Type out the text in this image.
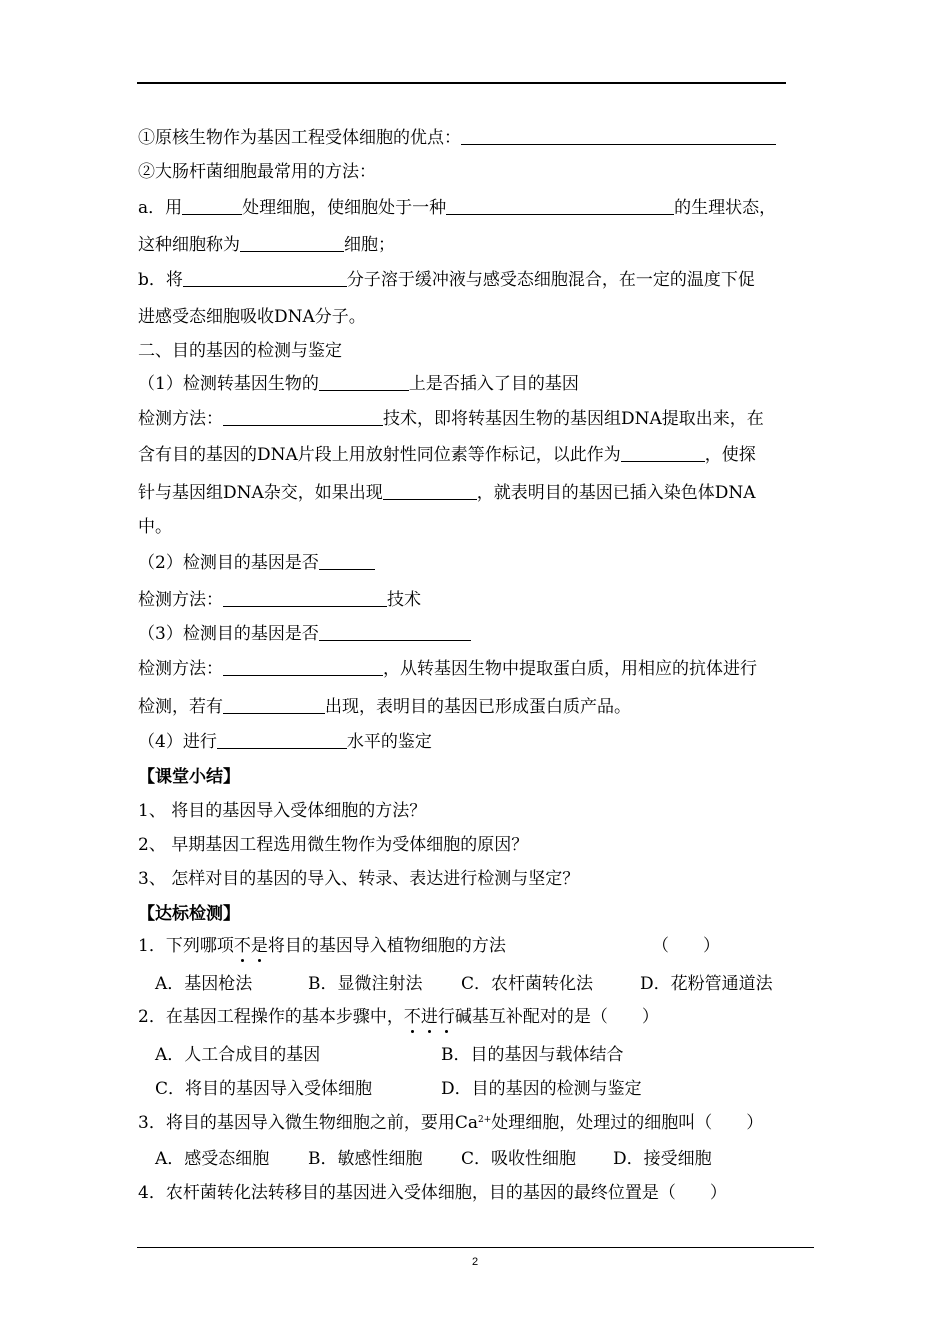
①原核生物作为基因工程受体细胞的优点：
②大肠杆菌细胞最常用的方法：
a．用	处理细胞，使细胞处于一种	的生理状态，
这种细胞称为	细胞；
b．将	分子溶于缓冲液与感受态细胞混合，在一定的温度下促
进感受态细胞吸收DNA分子。
二、目的基因的检测与鉴定
（1）检测转基因生物的	上是否插入了目的基因
检测方法：	技术，即将转基因生物的基因组DNA提取出来，在
含有目的基因的DNA片段上用放射性同位素等作标记，以此作为	，使探
针与基因组DNA杂交，如果出现	，就表明目的基因已插入染色体DNA
中。
（2）检测目的基因是否
检测方法：	技术
（3）检测目的基因是否
检测方法：	，从转基因生物中提取蛋白质，用相应的抗体进行
检测，若有	出现，表明目的基因已形成蛋白质产品。
（4）进行	水平的鉴定
【课堂小结】
1、 将目的基因导入受体细胞的方法？
2、 早期基因工程选用微生物作为受体细胞的原因？
3、 怎样对目的基因的导入、转录、表达进行检测与坚定？
【达标检测】
1．下列哪项不是将目的基因导入植物细胞的方法	（　　）
A．基因枪法	B．显微注射法 C．农杆菌转化法	D．花粉管通道法
2．在基因工程操作的基本步骤中，不进行碱基互补配对的是（　　）
A．人工合成目的基因	B．目的基因与载体结合
C．将目的基因导入受体细胞	D．目的基因的检测与鉴定
3．将目的基因导入微生物细胞之前，要用$Ca^{2+}$处理细胞，处理过的细胞叫（　　）
A．感受态细胞 B．敏感性细胞 C．吸收性细胞 D．接受细胞
4．农杆菌转化法转移目的基因进入受体细胞，目的基因的最终位置是（　　）
2
